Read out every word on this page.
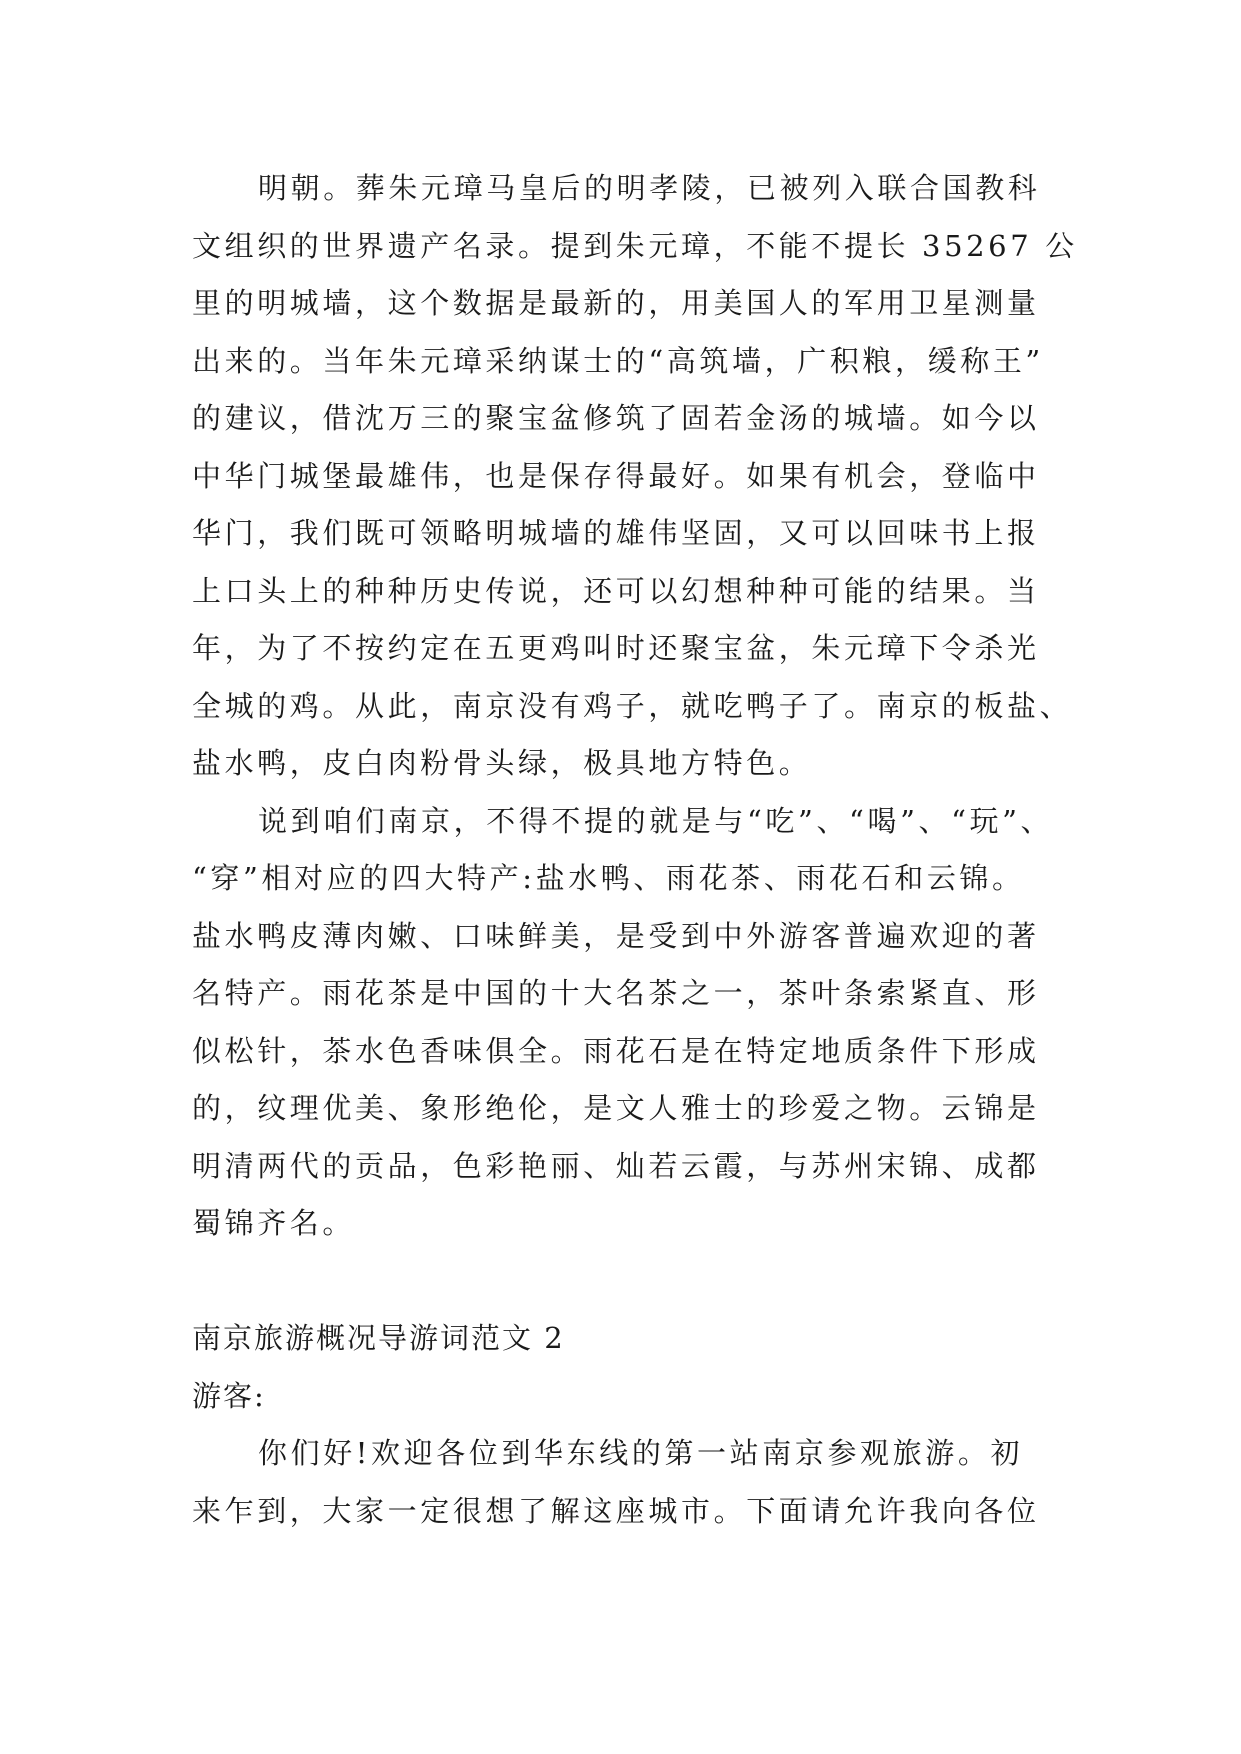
明朝。葬朱元璋马皇后的明孝陵，已被列入联合国教科
文组织的世界遗产名录。提到朱元璋，不能不提长 35267 公
里的明城墙，这个数据是最新的，用美国人的军用卫星测量
出来的。当年朱元璋采纳谋士的“高筑墙，广积粮，缓称王”
的建议，借沈万三的聚宝盆修筑了固若金汤的城墙。如今以
中华门城堡最雄伟，也是保存得最好。如果有机会，登临中
华门，我们既可领略明城墙的雄伟坚固，又可以回味书上报
上口头上的种种历史传说，还可以幻想种种可能的结果。当
年，为了不按约定在五更鸡叫时还聚宝盆，朱元璋下令杀光
全城的鸡。从此，南京没有鸡子，就吃鸭子了。南京的板盐、
盐水鸭，皮白肉粉骨头绿，极具地方特色。
说到咱们南京，不得不提的就是与“吃”、“喝”、“玩”、
“穿”相对应的四大特产:盐水鸭、雨花茶、雨花石和云锦。
盐水鸭皮薄肉嫩、口味鲜美，是受到中外游客普遍欢迎的著
名特产。雨花茶是中国的十大名茶之一，茶叶条索紧直、形
似松针，茶水色香味俱全。雨花石是在特定地质条件下形成
的，纹理优美、象形绝伦，是文人雅士的珍爱之物。云锦是
明清两代的贡品，色彩艳丽、灿若云霞，与苏州宋锦、成都
蜀锦齐名。
南京旅游概况导游词范文 2
游客:
你们好!欢迎各位到华东线的第一站南京参观旅游。初
来乍到，大家一定很想了解这座城市。下面请允许我向各位
